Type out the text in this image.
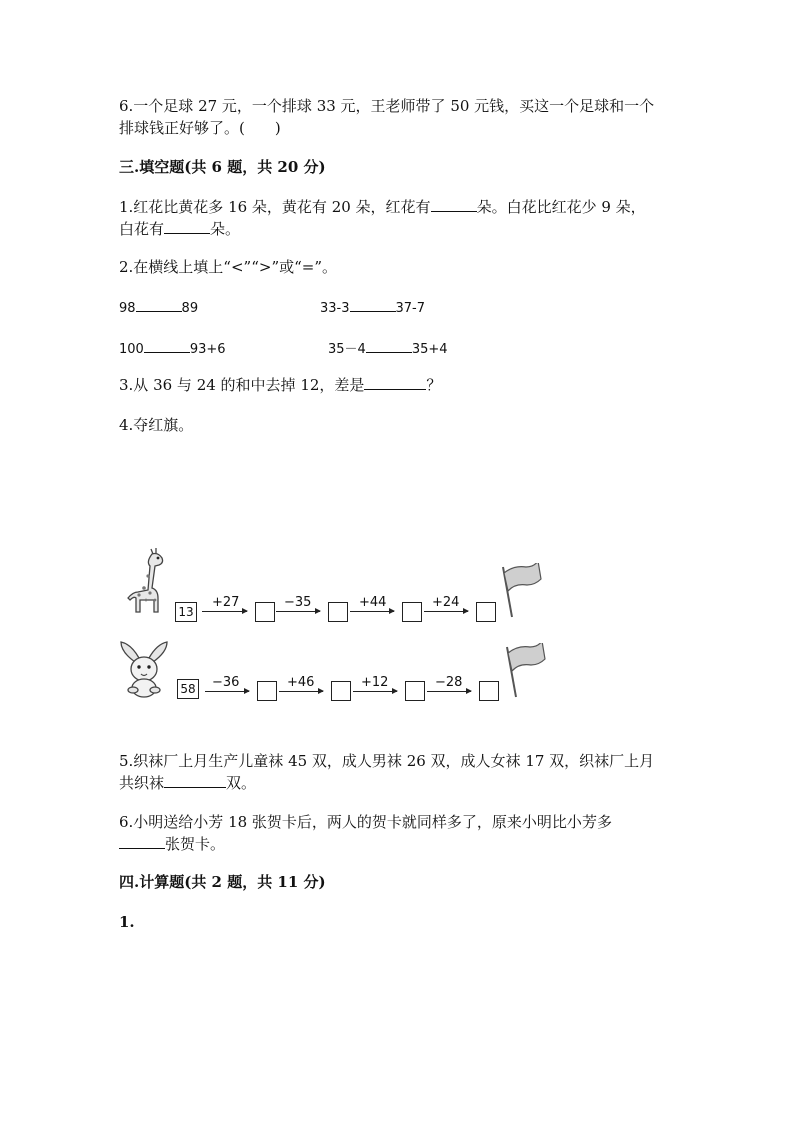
6.一个足球 27 元，一个排球 33 元，王老师带了 50 元钱，买这一个足球和一个
排球钱正好够了。(　　)
三.填空题(共 6 题，共 20 分)
1.红花比黄花多 16 朵，黄花有 20 朵，红花有	朵。白花比红花少 9 朵，
白花有	朵。
2.在横线上填上“<”“>”或“=”。
98	89	33-3	37-7
100	93+6	35－4	35+4
3.从 36 与 24 的和中去掉 12，差是	？
4.夺红旗。
13
+27	−35	+44	+24
58 −36	+46	+12	−28
5.织袜厂上月生产儿童袜 45 双，成人男袜 26 双，成人女袜 17 双，织袜厂上月
共织袜	双。
6.小明送给小芳 18 张贺卡后，两人的贺卡就同样多了，原来小明比小芳多
张贺卡。
四.计算题(共 2 题，共 11 分)
1.
